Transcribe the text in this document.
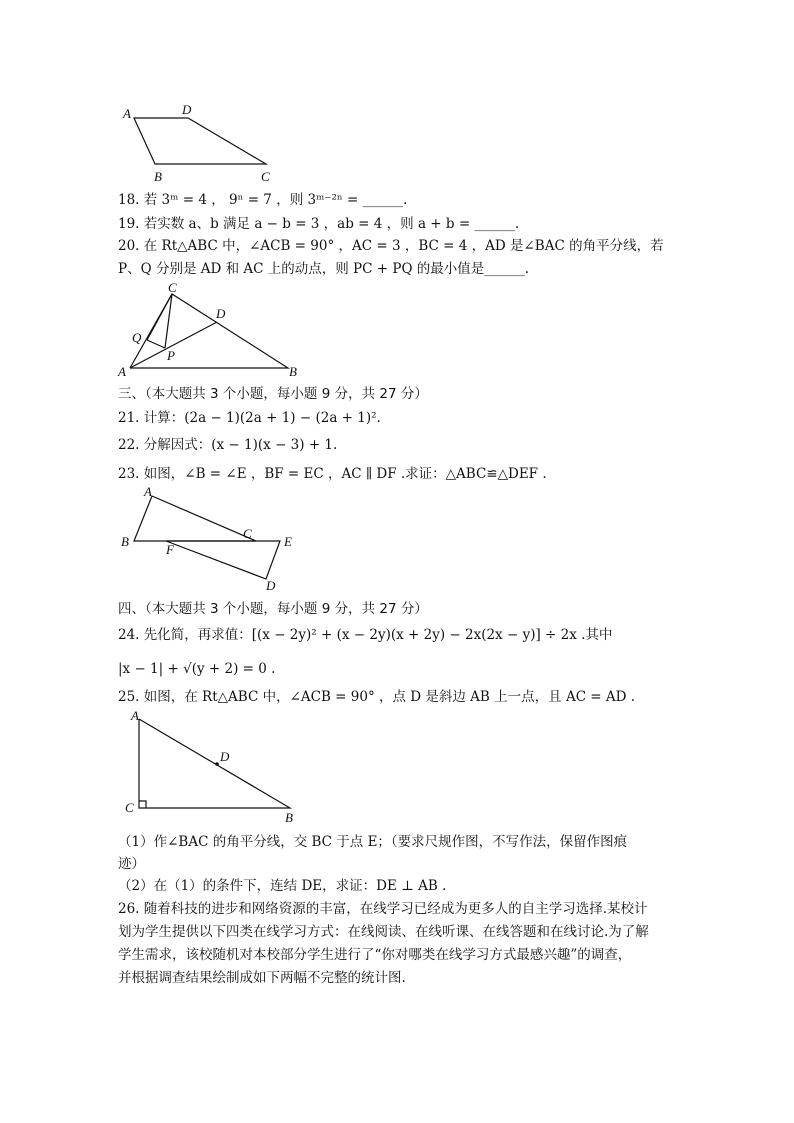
A	D
B	C
18. 若 3ᵐ = 4 ， 9ⁿ = 7 ，则 3ᵐ⁻²ⁿ = ______.
19. 若实数 a、b 满足 a − b = 3 ，ab = 4 ，则 a + b = ______.
20. 在 Rt△ABC 中，∠ACB = 90° ，AC = 3 ，BC = 4 ，AD 是∠BAC 的角平分线，若
P、Q 分别是 AD 和 AC 上的动点，则 PC + PQ 的最小值是______.
C
D
Q
P
A	B
三、（本大题共 3 个小题，每小题 9 分，共 27 分）
21. 计算：(2a − 1)(2a + 1) − (2a + 1)².
22. 分解因式：(x − 1)(x − 3) + 1.
23. 如图，∠B = ∠E ，BF = EC ，AC ∥ DF .求证：△ABC≌△DEF .
A
B
F
C
E
D
四、（本大题共 3 个小题，每小题 9 分，共 27 分）
24. 先化简，再求值：[(x − 2y)² + (x − 2y)(x + 2y) − 2x(2x − y)] ÷ 2x .其中
|x − 1| + √(y + 2) = 0 .
25. 如图，在 Rt△ABC 中，∠ACB = 90° ，点 D 是斜边 AB 上一点，且 AC = AD .
A
D
C
B
（1）作∠BAC 的角平分线，交 BC 于点 E；（要求尺规作图，不写作法，保留作图痕
迹）
（2）在（1）的条件下，连结 DE，求证：DE ⊥ AB .
26. 随着科技的进步和网络资源的丰富，在线学习已经成为更多人的自主学习选择.某校计
划为学生提供以下四类在线学习方式：在线阅读、在线听课、在线答题和在线讨论.为了解
学生需求，该校随机对本校部分学生进行了“你对哪类在线学习方式最感兴趣”的调查，
并根据调查结果绘制成如下两幅不完整的统计图.
